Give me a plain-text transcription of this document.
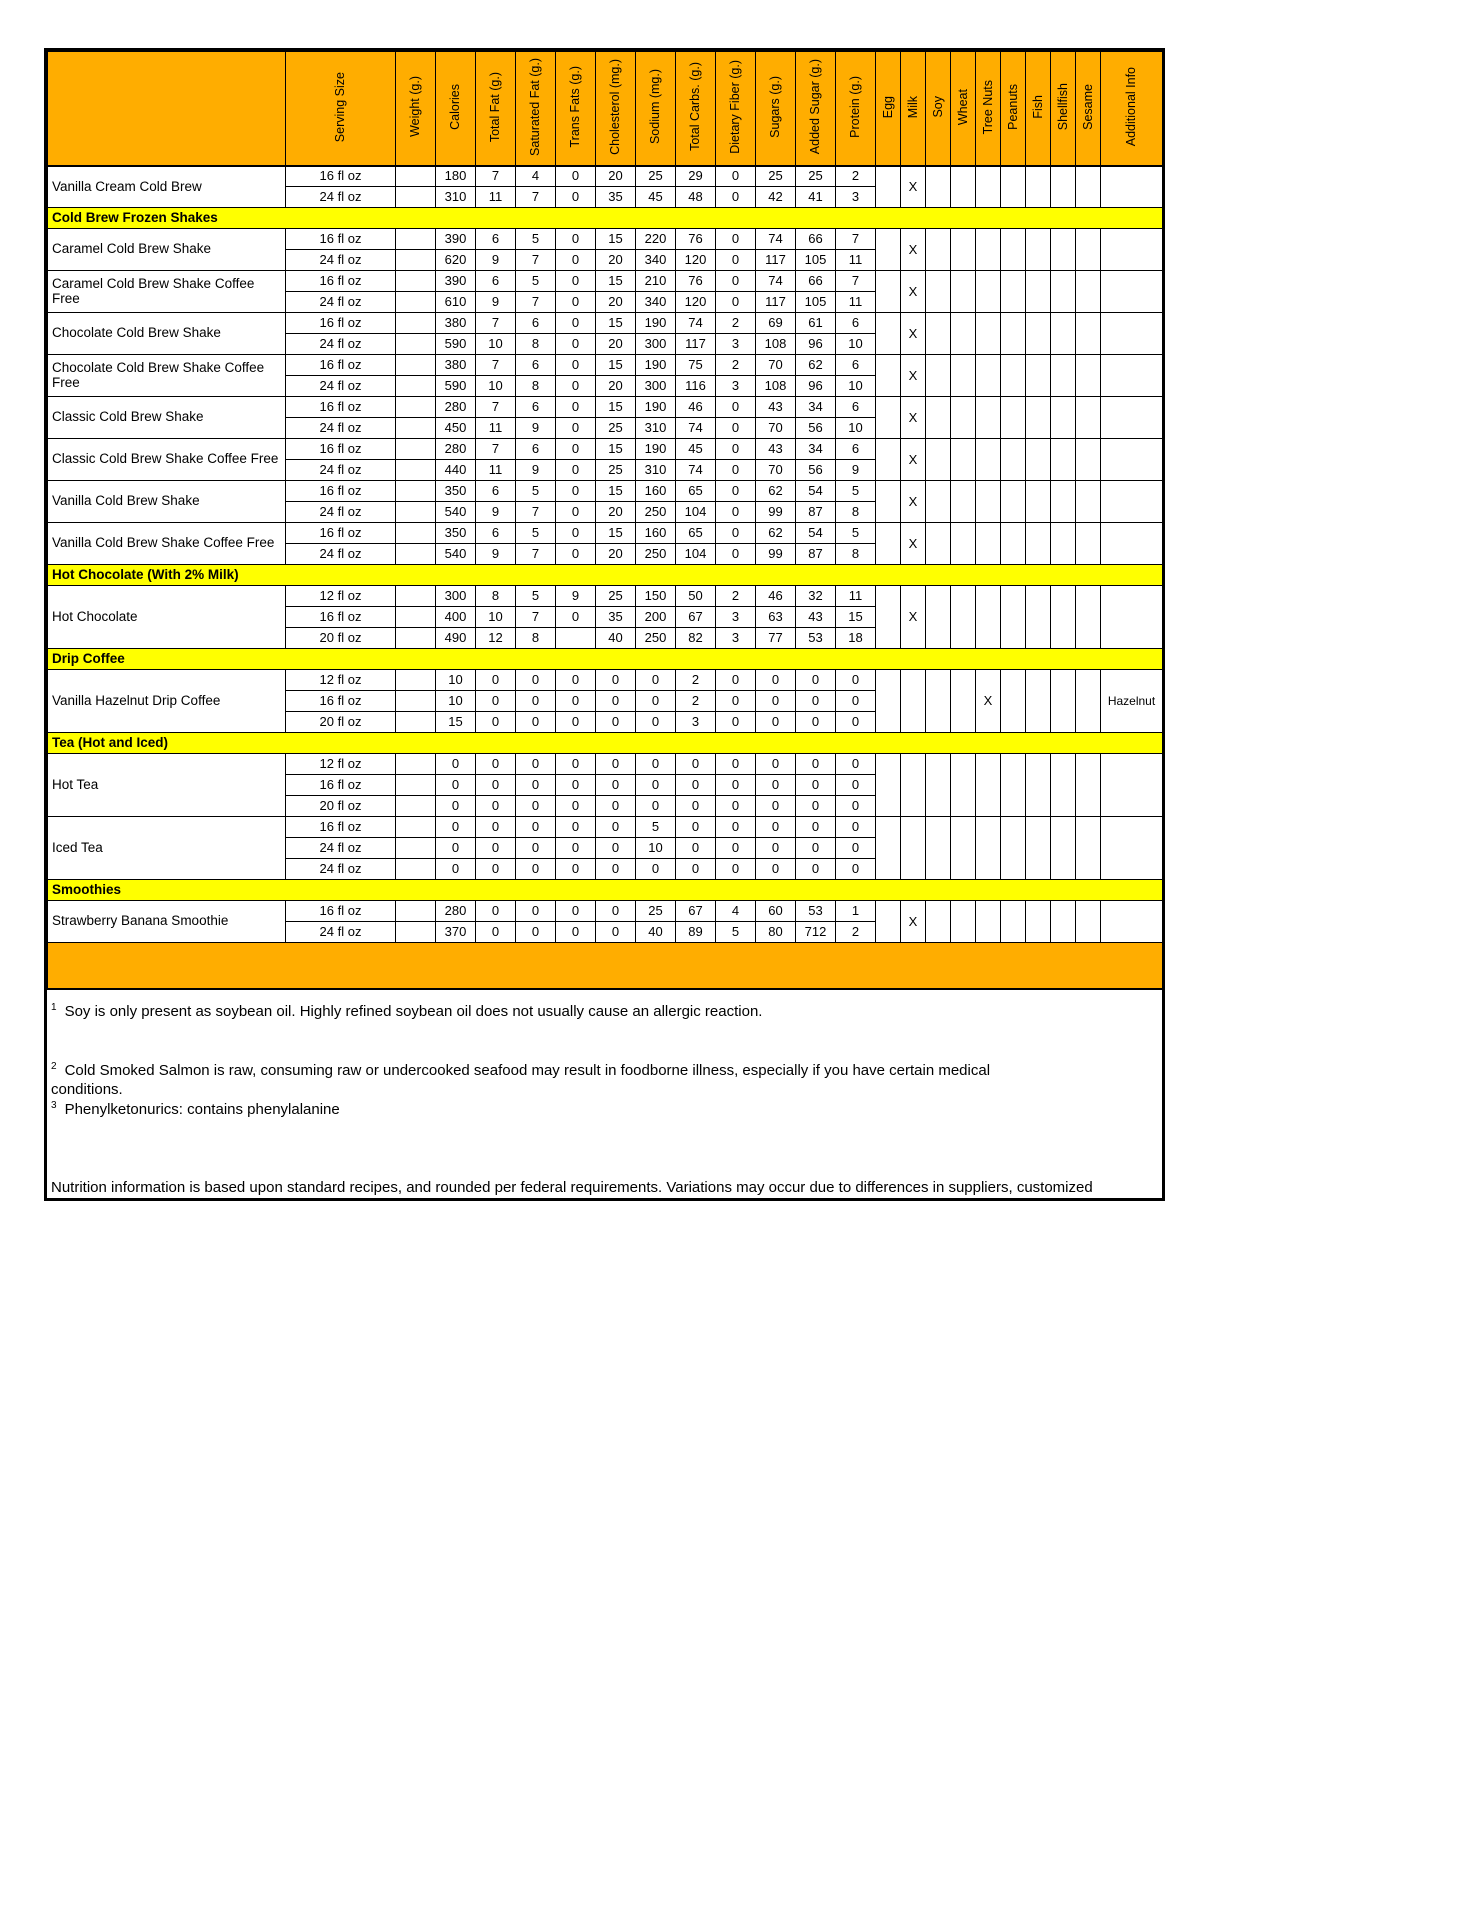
	Serving Size	Weight (g.)	Calories	Total Fat (g.)	Saturated Fat (g.)	Trans Fats (g.)	Cholesterol (mg.)	Sodium (mg.)	Total Carbs. (g.)	Dietary Fiber (g.)	Sugars (g.)	Added Sugar (g.)	Protein (g.)	Egg	Milk	Soy	Wheat	Tree Nuts	Peanuts	Fish	Shellfish	Sesame	Additional Info
Vanilla Cream Cold Brew	16 fl oz		180	7	4	0	20	25	29	0	25	25	2		X								
	24 fl oz		310	11	7	0	35	45	48	0	42	41	3										
Cold Brew Frozen Shakes																							
Caramel Cold Brew Shake	16 fl oz		390	6	5	0	15	220	76	0	74	66	7		X								
	24 fl oz		620	9	7	0	20	340	120	0	117	105	11										
Caramel Cold Brew Shake Coffee Free	16 fl oz		390	6	5	0	15	210	76	0	74	66	7		X								
	24 fl oz		610	9	7	0	20	340	120	0	117	105	11										
Chocolate Cold Brew Shake	16 fl oz		380	7	6	0	15	190	74	2	69	61	6		X								
	24 fl oz		590	10	8	0	20	300	117	3	108	96	10										
Chocolate Cold Brew Shake Coffee Free	16 fl oz		380	7	6	0	15	190	75	2	70	62	6		X								
	24 fl oz		590	10	8	0	20	300	116	3	108	96	10										
Classic Cold Brew Shake	16 fl oz		280	7	6	0	15	190	46	0	43	34	6		X								
	24 fl oz		450	11	9	0	25	310	74	0	70	56	10										
Classic Cold Brew Shake Coffee Free	16 fl oz		280	7	6	0	15	190	45	0	43	34	6		X								
	24 fl oz		440	11	9	0	25	310	74	0	70	56	9										
Vanilla Cold Brew Shake	16 fl oz		350	6	5	0	15	160	65	0	62	54	5		X								
	24 fl oz		540	9	7	0	20	250	104	0	99	87	8										
Vanilla Cold Brew Shake Coffee Free	16 fl oz		350	6	5	0	15	160	65	0	62	54	5		X								
	24 fl oz		540	9	7	0	20	250	104	0	99	87	8										
Hot Chocolate (With 2% Milk)																							
Hot Chocolate	12 fl oz		300	8	5	9	25	150	50	2	46	32	11		X								
	16 fl oz		400	10	7	0	35	200	67	3	63	43	15										
	20 fl oz		490	12	8		40	250	82	3	77	53	18										
Drip Coffee																							
Vanilla Hazelnut Drip Coffee	12 fl oz		10	0	0	0	0	0	2	0	0	0	0					X					Hazelnut
	16 fl oz		10	0	0	0	0	0	2	0	0	0	0										
	20 fl oz		15	0	0	0	0	0	3	0	0	0	0										
Tea (Hot and Iced)																							
Hot Tea	12 fl oz		0	0	0	0	0	0	0	0	0	0	0										
	16 fl oz		0	0	0	0	0	0	0	0	0	0	0										
	20 fl oz		0	0	0	0	0	0	0	0	0	0	0										
Iced Tea	16 fl oz		0	0	0	0	0	5	0	0	0	0	0										
	24 fl oz		0	0	0	0	0	10	0	0	0	0	0										
	24 fl oz		0	0	0	0	0	0	0	0	0	0	0										
Smoothies																							
Strawberry Banana Smoothie	16 fl oz		280	0	0	0	0	25	67	4	60	53	1		X								
	24 fl oz		370	0	0	0	0	40	89	5	80	712	2										

$^1$ Soy is only present as soybean oil. Highly refined soybean oil does not usually cause an allergic reaction.

$^2$ Cold Smoked Salmon is raw, consuming raw or undercooked seafood may result in foodborne illness, especially if you have certain medical conditions.

$^3$ Phenylketonurics: contains phenylalanine

Nutrition information is based upon standard recipes, and rounded per federal requirements. Variations may occur due to differences in suppliers, customized
